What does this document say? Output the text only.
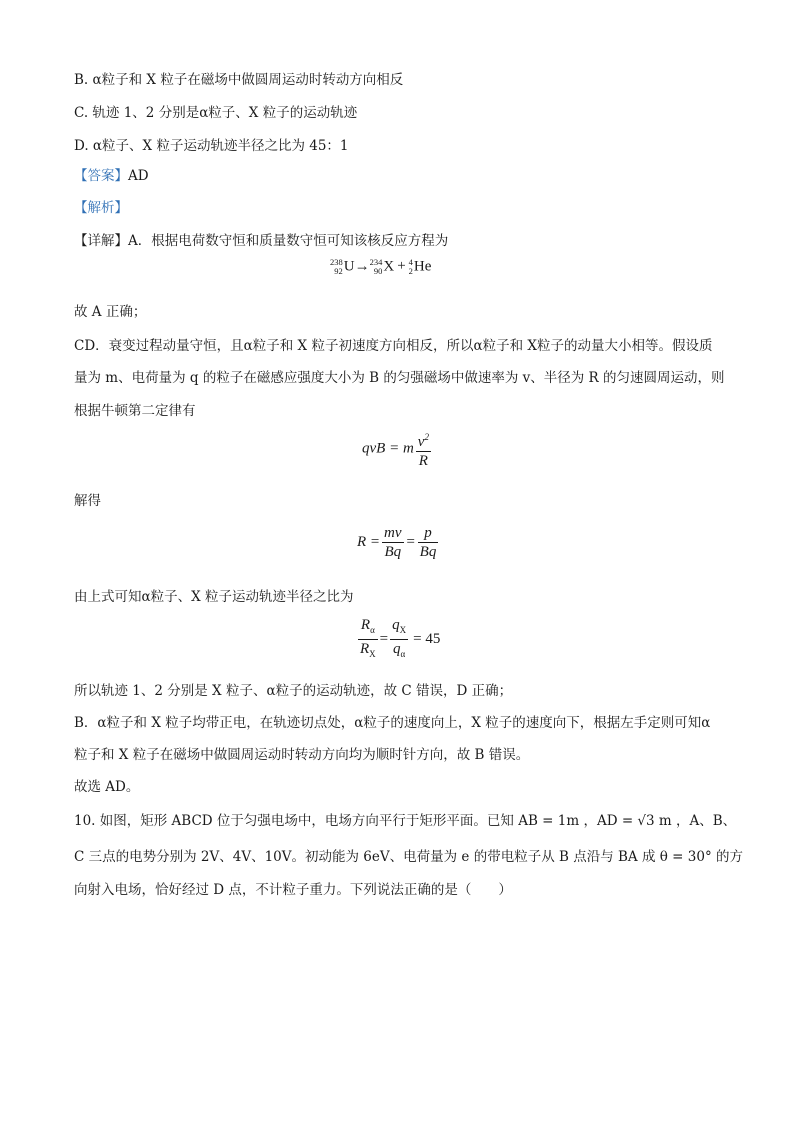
B. α粒子和 X 粒子在磁场中做圆周运动时转动方向相反
C. 轨迹 1、2 分别是α粒子、X 粒子的运动轨迹
D. α粒子、X 粒子运动轨迹半径之比为 45：1
【答案】AD
【解析】
【详解】A．根据电荷数守恒和质量数守恒可知该核反应方程为
238
92U→234
90X + 4
2He
故 A 正确；
CD．衰变过程动量守恒，且α粒子和 X 粒子初速度方向相反，所以α粒子和 X粒子的动量大小相等。假设质
量为 m、电荷量为 q 的粒子在磁感应强度大小为 B 的匀强磁场中做速率为 v、半径为 R 的匀速圆周运动，则
根据牛顿第二定律有
qvB = m $\frac{v^2}{R}$
解得
$R = \frac{mv}{Bq} = \frac{p}{Bq}$
由上式可知α粒子、X 粒子运动轨迹半径之比为
$\frac{R_\alpha}{R_X} = \frac{q_X}{q_\alpha} = 45$
所以轨迹 1、2 分别是 X 粒子、α粒子的运动轨迹，故 C 错误，D 正确；
B．α粒子和 X 粒子均带正电，在轨迹切点处，α粒子的速度向上，X 粒子的速度向下，根据左手定则可知α
粒子和 X 粒子在磁场中做圆周运动时转动方向均为顺时针方向，故 B 错误。
故选 AD。
10. 如图，矩形 ABCD 位于匀强电场中，电场方向平行于矩形平面。已知 AB = 1m ，AD = √3 m ，A、B、
C 三点的电势分别为 2V、4V、10V。初动能为 6eV、电荷量为 e 的带电粒子从 B 点沿与 BA 成 θ = 30° 的方
向射入电场，恰好经过 D 点，不计粒子重力。下列说法正确的是（　　）
